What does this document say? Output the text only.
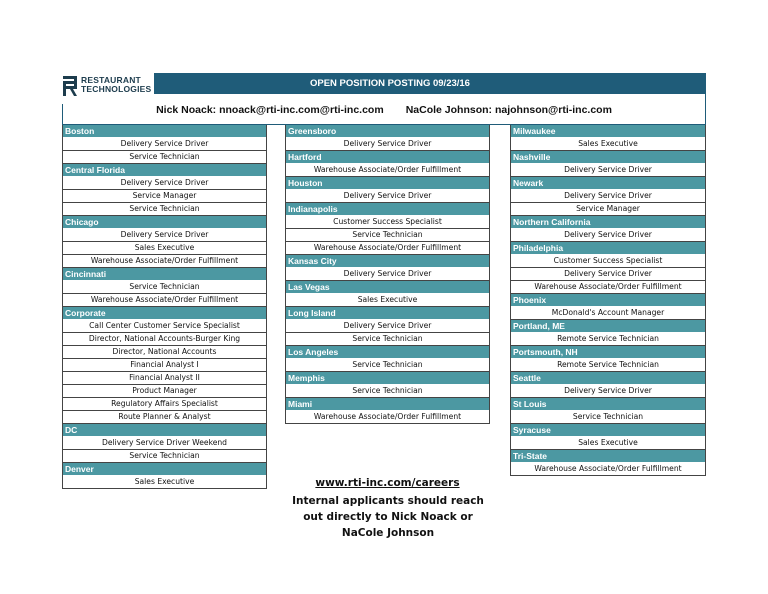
RESTAURANT
TECHNOLOGIES	OPEN POSITION POSTING 09/23/16
Nick Noack: nnoack@rti-inc.com@rti-inc.com NaCole Johnson: najohnson@rti-inc.com
Boston
Delivery Service Driver
Service Technician
Central Florida
Delivery Service Driver
Service Manager
Service Technician
Chicago
Delivery Service Driver
Sales Executive
Warehouse Associate/Order Fulfillment
Cincinnati
Service Technician
Warehouse Associate/Order Fulfillment
Corporate
Call Center Customer Service Specialist
Director, National Accounts-Burger King
Director, National Accounts
Financial Analyst I
Financial Analyst II
Product Manager
Regulatory Affairs Specialist
Route Planner & Analyst
DC
Delivery Service Driver Weekend
Service Technician
Denver
Sales Executive
Greensboro
Delivery Service Driver
Hartford
Warehouse Associate/Order Fulfillment
Houston
Delivery Service Driver
Indianapolis
Customer Success Specialist
Service Technician
Warehouse Associate/Order Fulfillment
Kansas City
Delivery Service Driver
Las Vegas
Sales Executive
Long Island
Delivery Service Driver
Service Technician
Los Angeles
Service Technician
Memphis
Service Technician
Miami
Warehouse Associate/Order Fulfillment
Milwaukee
Sales Executive
Nashville
Delivery Service Driver
Newark
Delivery Service Driver
Service Manager
Northern California
Delivery Service Driver
Philadelphia
Customer Success Specialist
Delivery Service Driver
Warehouse Associate/Order Fulfillment
Phoenix
McDonald's Account Manager
Portland, ME
Remote Service Technician
Portsmouth, NH
Remote Service Technician
Seattle
Delivery Service Driver
St Louis
Service Technician
Syracuse
Sales Executive
Tri-State
Warehouse Associate/Order Fulfillment
www.rti-inc.com/careers
Internal applicants should reach out directly to Nick Noack or NaCole Johnson
